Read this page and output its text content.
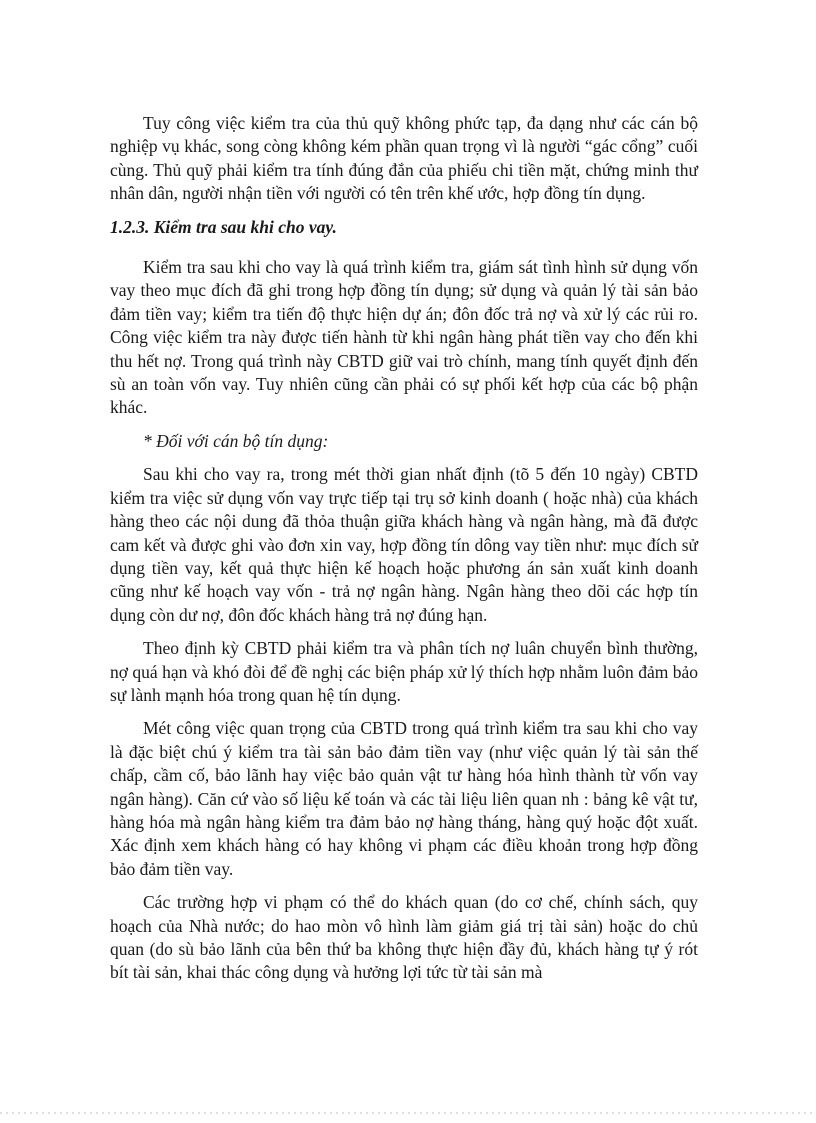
Tuy công việc kiểm tra của thủ quỹ không phức tạp, đa dạng như các cán bộ nghiệp vụ khác, song còng không kém phần quan trọng vì là người “gác cổng” cuối cùng. Thủ quỹ phải kiểm tra tính đúng đắn của phiếu chi tiền mặt, chứng minh thư nhân dân, người nhận tiền với người có tên trên khế ước, hợp đồng tín dụng.

1.2.3. Kiểm tra sau khi cho vay.

Kiểm tra sau khi cho vay là quá trình kiểm tra, giám sát tình hình sử dụng vốn vay theo mục đích đã ghi trong hợp đồng tín dụng; sử dụng và quản lý tài sản bảo đảm tiền vay; kiểm tra tiến độ thực hiện dự án; đôn đốc trả nợ và xử lý các rủi ro. Công việc kiểm tra này được tiến hành từ khi ngân hàng phát tiền vay cho đến khi thu hết nợ. Trong quá trình này CBTD giữ vai trò chính, mang tính quyết định đến sù an toàn vốn vay. Tuy nhiên cũng cần phải có sự phối kết hợp của các bộ phận khác.

* Đối với cán bộ tín dụng:

Sau khi cho vay ra, trong mét thời gian nhất định (tõ 5 đến 10 ngày) CBTD kiểm tra việc sử dụng vốn vay trực tiếp tại trụ sở kinh doanh ( hoặc nhà) của khách hàng theo các nội dung đã thỏa thuận giữa khách hàng và ngân hàng, mà đã được cam kết và được ghi vào đơn xin vay, hợp đồng tín dông vay tiền như: mục đích sử dụng tiền vay, kết quả thực hiện kế hoạch hoặc phương án sản xuất kinh doanh cũng như kế hoạch vay vốn - trả nợ ngân hàng. Ngân hàng theo dõi các hợp tín dụng còn dư nợ, đôn đốc khách hàng trả nợ đúng hạn.

Theo định kỳ CBTD phải kiểm tra và phân tích nợ luân chuyển bình thường, nợ quá hạn và khó đòi để đề nghị các biện pháp xử lý thích hợp nhằm luôn đảm bảo sự lành mạnh hóa trong quan hệ tín dụng.

Mét công việc quan trọng của CBTD trong quá trình kiểm tra sau khi cho vay là đặc biệt chú ý kiểm tra tài sản bảo đảm tiền vay (như việc quản lý tài sản thế chấp, cầm cố, bảo lãnh hay việc bảo quản vật tư hàng hóa hình thành từ vốn vay ngân hàng). Căn cứ vào số liệu kế toán và các tài liệu liên quan nh : bảng kê vật tư, hàng hóa mà ngân hàng kiểm tra đảm bảo nợ hàng tháng, hàng quý hoặc đột xuất. Xác định xem khách hàng có hay không vi phạm các điều khoản trong hợp đồng bảo đảm tiền vay.

Các trường hợp vi phạm có thể do khách quan (do cơ chế, chính sách, quy hoạch của Nhà nước; do hao mòn vô hình làm giảm giá trị tài sản) hoặc do chủ quan (do sù bảo lãnh của bên thứ ba không thực hiện đầy đủ, khách hàng tự ý rót bít tài sản, khai thác công dụng và hưởng lợi tức từ tài sản mà
